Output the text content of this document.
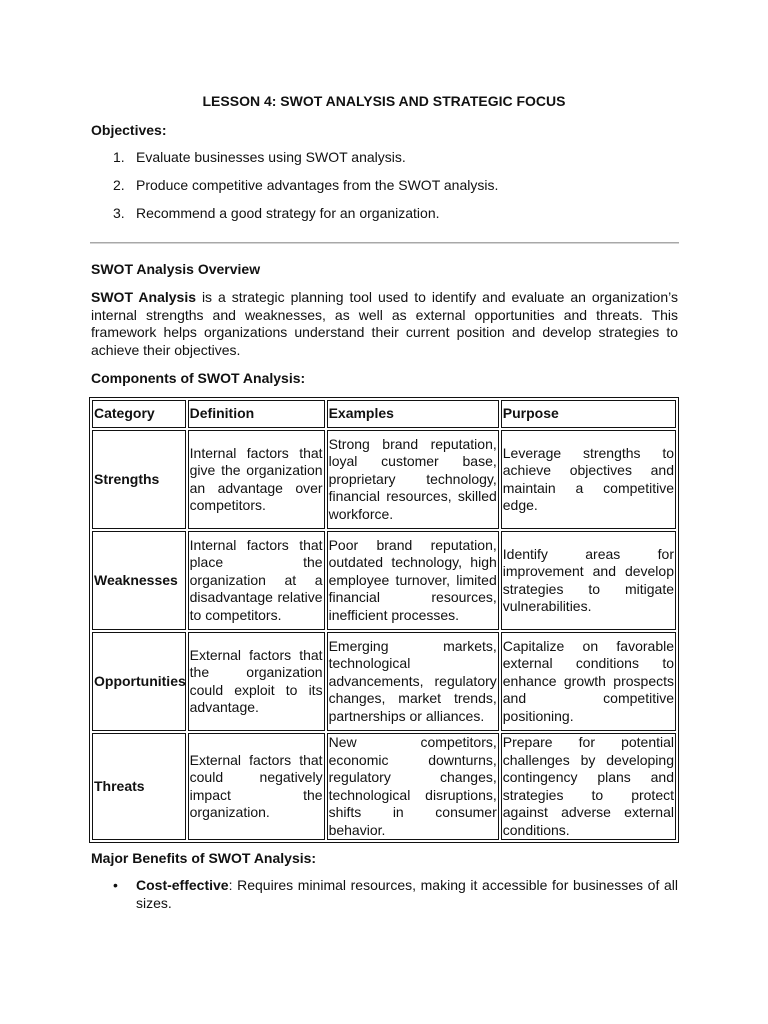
LESSON 4: SWOT ANALYSIS AND STRATEGIC FOCUS
Objectives:
1. Evaluate businesses using SWOT analysis.
2. Produce competitive advantages from the SWOT analysis.
3. Recommend a good strategy for an organization.
SWOT Analysis Overview

SWOT Analysis is a strategic planning tool used to identify and evaluate an organization’s internal strengths and weaknesses, as well as external opportunities and threats. This framework helps organizations understand their current position and develop strategies to achieve their objectives.

Components of SWOT Analysis:
Category	Definition	Examples	Purpose
Strengths	Internal factors that give the organization an advantage over competitors.	Strong brand reputation, loyal customer base, proprietary technology, financial resources, skilled workforce.	Leverage strengths to achieve objectives and maintain a competitive edge.
Weaknesses	Internal factors that place the organization at a disadvantage relative to competitors.	Poor brand reputation, outdated technology, high employee turnover, limited financial resources, inefficient processes.	Identify areas for improvement and develop strategies to mitigate vulnerabilities.
Opportunities	External factors that the organization could exploit to its advantage.	Emerging markets, technological advancements, regulatory changes, market trends, partnerships or alliances.	Capitalize on favorable external conditions to enhance growth prospects and competitive positioning.
Threats	External factors that could negatively impact the organization.	New competitors, economic downturns, regulatory changes, technological disruptions, shifts in consumer behavior.	Prepare for potential challenges by developing contingency plans and strategies to protect against adverse external conditions.
Major Benefits of SWOT Analysis:
• Cost-effective: Requires minimal resources, making it accessible for businesses of all sizes.
